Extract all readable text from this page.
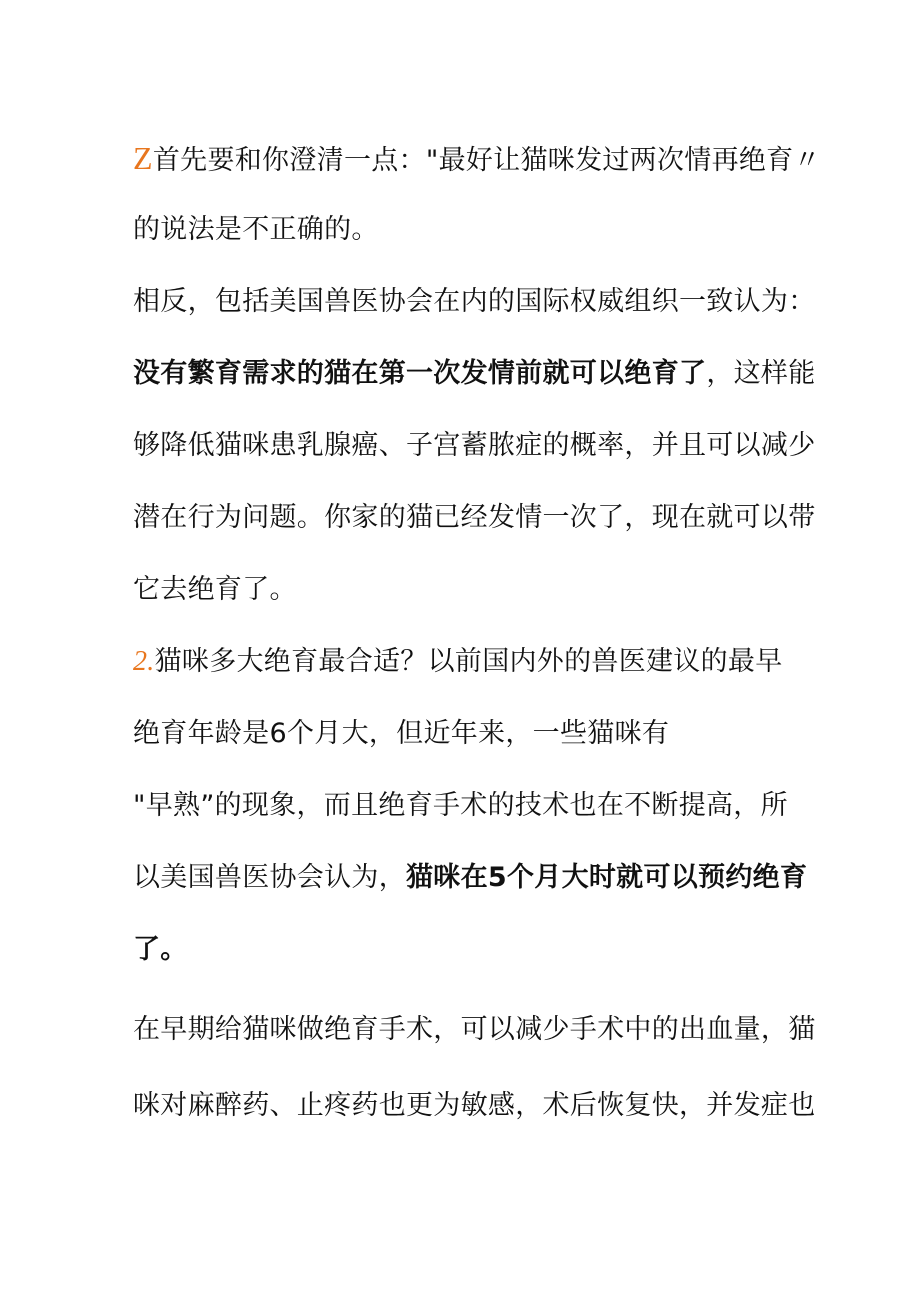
Z首先要和你澄清一点："最好让猫咪发过两次情再绝育〃
的说法是不正确的。
相反，包括美国兽医协会在内的国际权威组织一致认为：
没有繁育需求的猫在第一次发情前就可以绝育了，这样能
够降低猫咪患乳腺癌、子宫蓄脓症的概率，并且可以减少
潜在行为问题。你家的猫已经发情一次了，现在就可以带
它去绝育了。
2.猫咪多大绝育最合适？以前国内外的兽医建议的最早
绝育年龄是6个月大，但近年来，一些猫咪有
"早熟”的现象，而且绝育手术的技术也在不断提高，所
以美国兽医协会认为，猫咪在5个月大时就可以预约绝育
了。
在早期给猫咪做绝育手术，可以减少手术中的出血量，猫
咪对麻醉药、止疼药也更为敏感，术后恢复快，并发症也
